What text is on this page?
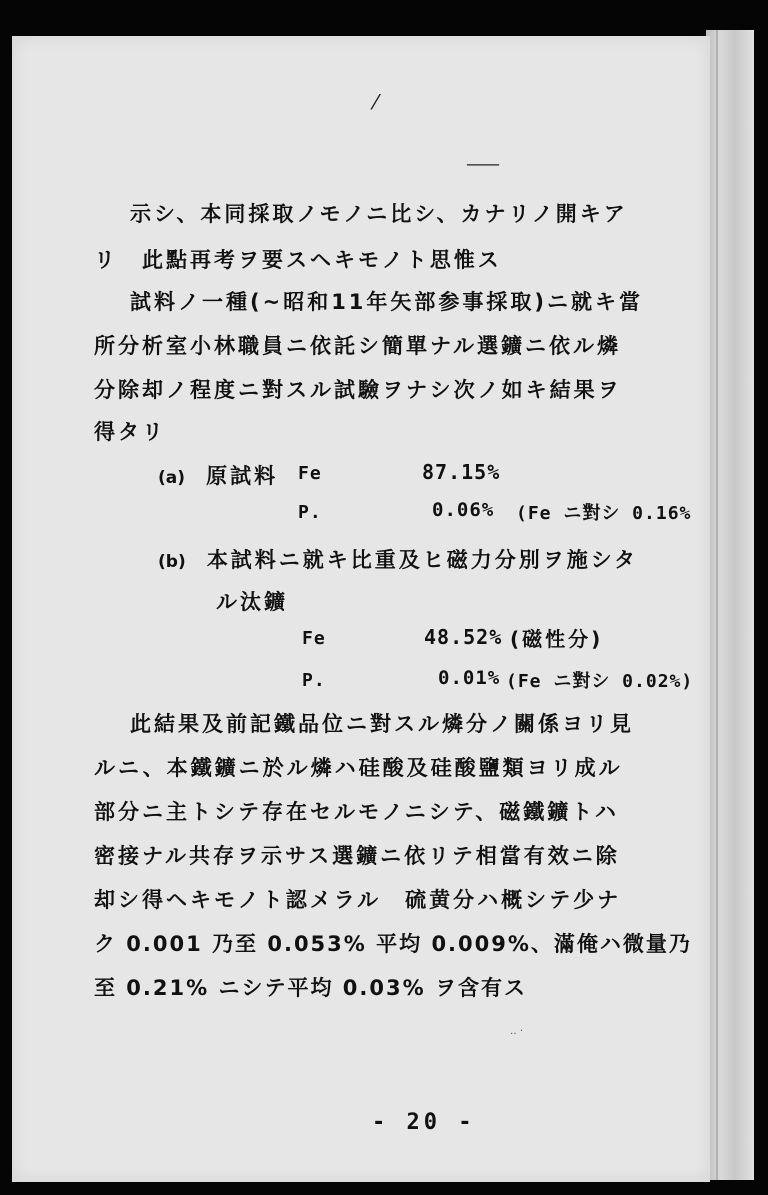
⁄
——
示シ、本同採取ノモノニ比シ、カナリノ開キア
リ　此點再考ヲ要スヘキモノト思惟ス
試料ノ一種(~昭和11年矢部参事採取)ニ就キ當
所分析室小林職員ニ依託シ簡單ナル選鑛ニ依ル燐
分除却ノ程度ニ對スル試驗ヲナシ次ノ如キ結果ヲ
得タリ
(a) 原試料 Fe	87.15%
P.	0.06% (Fe ニ對シ 0.16%
(b) 本試料ニ就キ比重及ヒ磁力分別ヲ施シタ
ル汰鑛
Fe	48.52% (磁性分)
P.	0.01% (Fe ニ對シ 0.02%)
此結果及前記鐵品位ニ對スル燐分ノ關係ヨリ見
ルニ、本鐵鑛ニ於ル燐ハ硅酸及硅酸鹽類ヨリ成ル
部分ニ主トシテ存在セルモノニシテ、磁鐵鑛トハ
密接ナル共存ヲ示サス選鑛ニ依リテ相當有效ニ除
却シ得ヘキモノト認メラル　硫黄分ハ概シテ少ナ
ク 0.001 乃至 0.053% 平均 0.009%、滿俺ハ微量乃
至 0.21% ニシテ平均 0.03% ヲ含有ス
‥ ·
- 20 -
